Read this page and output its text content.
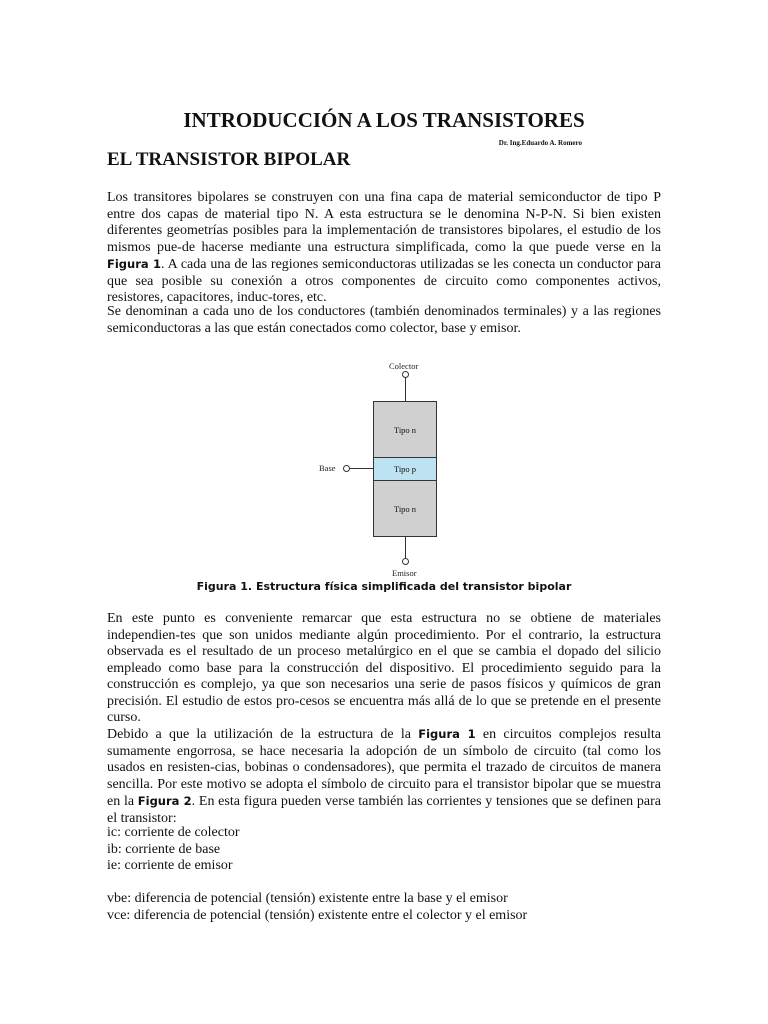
INTRODUCCIÓN A LOS TRANSISTORES
Dr. Ing.Eduardo A. Romero
EL TRANSISTOR BIPOLAR

Los transitores bipolares se construyen con una fina capa de material semiconductor de tipo P entre dos capas de material tipo N. A esta estructura se le denomina N-P-N. Si bien existen diferentes geometrías posibles para la implementación de transistores bipolares, el estudio de los mismos pue-de hacerse mediante una estructura simplificada, como la que puede verse en la Figura 1. A cada una de las regiones semiconductoras utilizadas se les conecta un conductor para que sea posible su conexión a otros componentes de circuito como componentes activos, resistores, capacitores, induc-tores, etc.

Se denominan a cada uno de los conductores (también denominados terminales) y a las regiones semiconductoras a las que están conectados como colector, base y emisor.

Colector
Tipo n
Tipo p
Tipo n
Base
Emisor
Figura 1. Estructura física simplificada del transistor bipolar

En este punto es conveniente remarcar que esta estructura no se obtiene de materiales independien-tes que son unidos mediante algún procedimiento. Por el contrario, la estructura observada es el resultado de un proceso metalúrgico en el que se cambia el dopado del silicio empleado como base para la construcción del dispositivo. El procedimiento seguido para la construcción es complejo, ya que son necesarios una serie de pasos físicos y químicos de gran precisión. El estudio de estos pro-cesos se encuentra más allá de lo que se pretende en el presente curso.

Debido a que la utilización de la estructura de la Figura 1 en circuitos complejos resulta sumamente engorrosa, se hace necesaria la adopción de un símbolo de circuito (tal como los usados en resisten-cias, bobinas o condensadores), que permita el trazado de circuitos de manera sencilla. Por este motivo se adopta el símbolo de circuito para el transistor bipolar que se muestra en la Figura 2. En esta figura pueden verse también las corrientes y tensiones que se definen para el transistor:

ic: corriente de colector
ib: corriente de base
ie: corriente de emisor
vbe: diferencia de potencial (tensión) existente entre la base y el emisor
vce: diferencia de potencial (tensión) existente entre el colector y el emisor
